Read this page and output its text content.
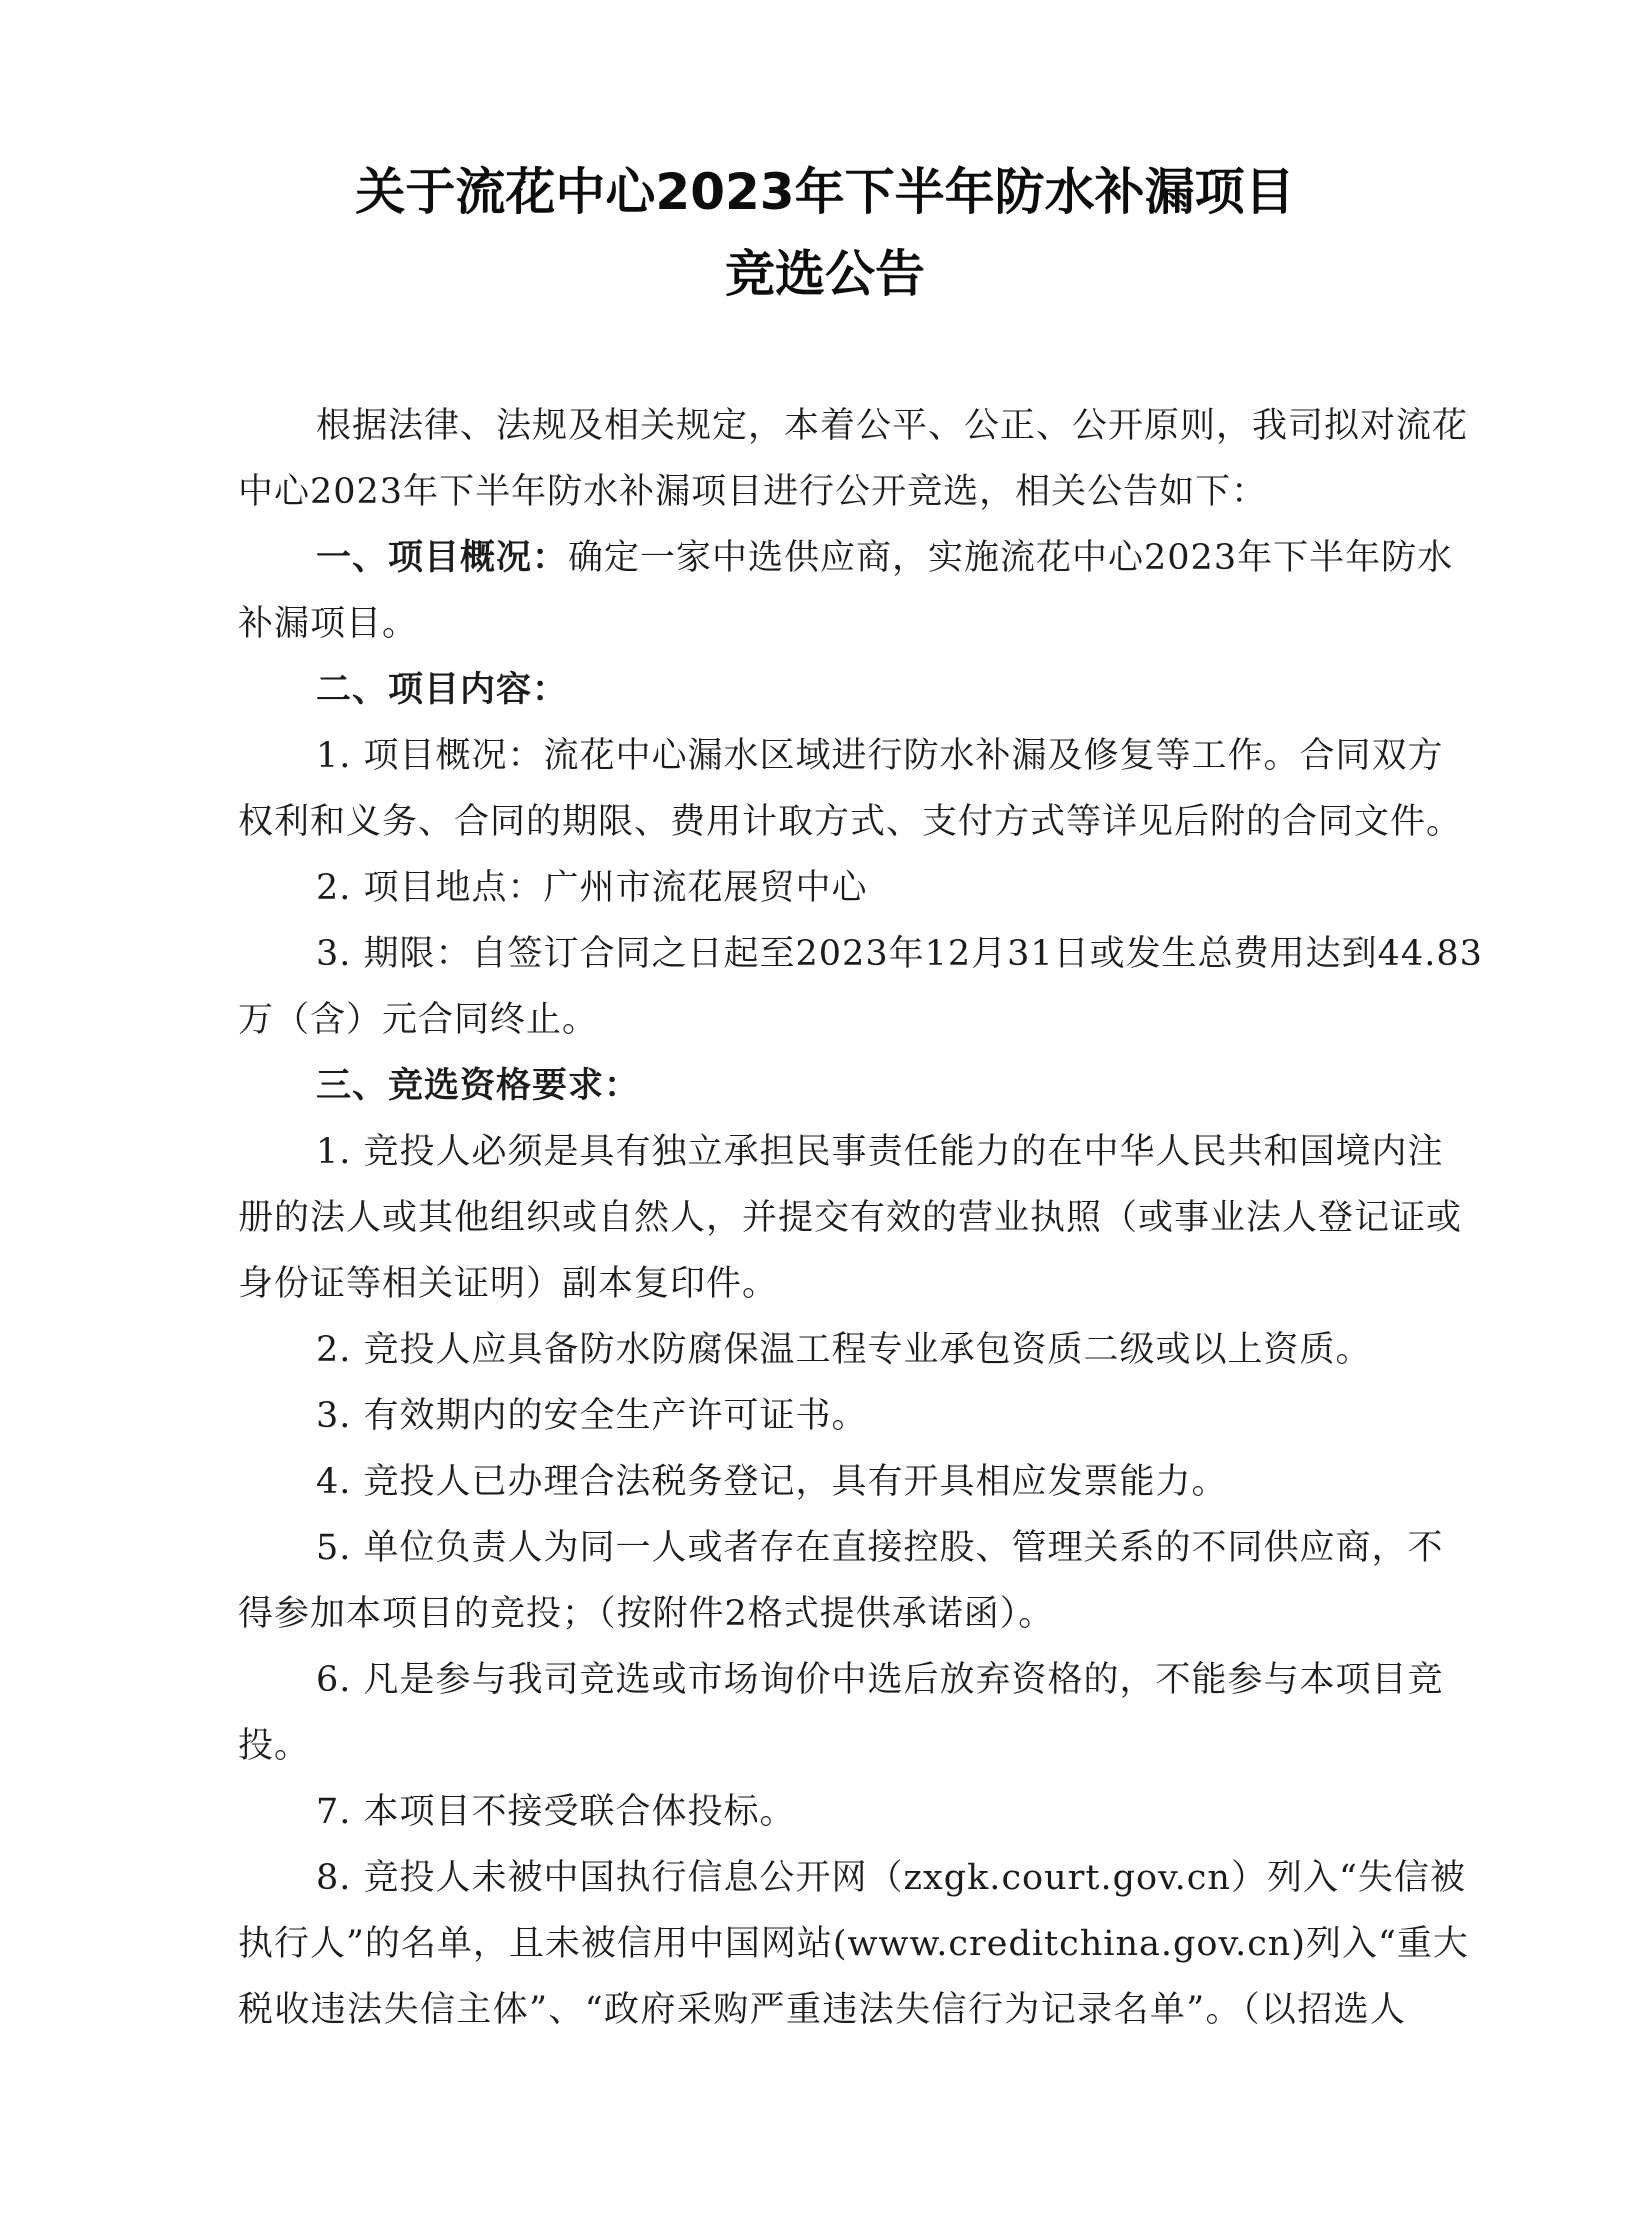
关于流花中心2023年下半年防水补漏项目
竞选公告
根据法律、法规及相关规定，本着公平、公正、公开原则，我司拟对流花
中心2023年下半年防水补漏项目进行公开竞选，相关公告如下：
一、项目概况：确定一家中选供应商，实施流花中心2023年下半年防水
补漏项目。
二、项目内容：
1. 项目概况：流花中心漏水区域进行防水补漏及修复等工作。合同双方
权利和义务、合同的期限、费用计取方式、支付方式等详见后附的合同文件。
2. 项目地点：广州市流花展贸中心
3. 期限：自签订合同之日起至2023年12月31日或发生总费用达到44.83
万（含）元合同终止。
三、竞选资格要求：
1. 竞投人必须是具有独立承担民事责任能力的在中华人民共和国境内注
册的法人或其他组织或自然人，并提交有效的营业执照（或事业法人登记证或
身份证等相关证明）副本复印件。
2. 竞投人应具备防水防腐保温工程专业承包资质二级或以上资质。
3. 有效期内的安全生产许可证书。
4. 竞投人已办理合法税务登记，具有开具相应发票能力。
5. 单位负责人为同一人或者存在直接控股、管理关系的不同供应商，不
得参加本项目的竞投；（按附件2格式提供承诺函）。
6. 凡是参与我司竞选或市场询价中选后放弃资格的，不能参与本项目竞
投。
7. 本项目不接受联合体投标。
8. 竞投人未被中国执行信息公开网（zxgk.court.gov.cn）列入“失信被
执行人”的名单，且未被信用中国网站(www.creditchina.gov.cn)列入“重大
税收违法失信主体”、“政府采购严重违法失信行为记录名单”。（以招选人
